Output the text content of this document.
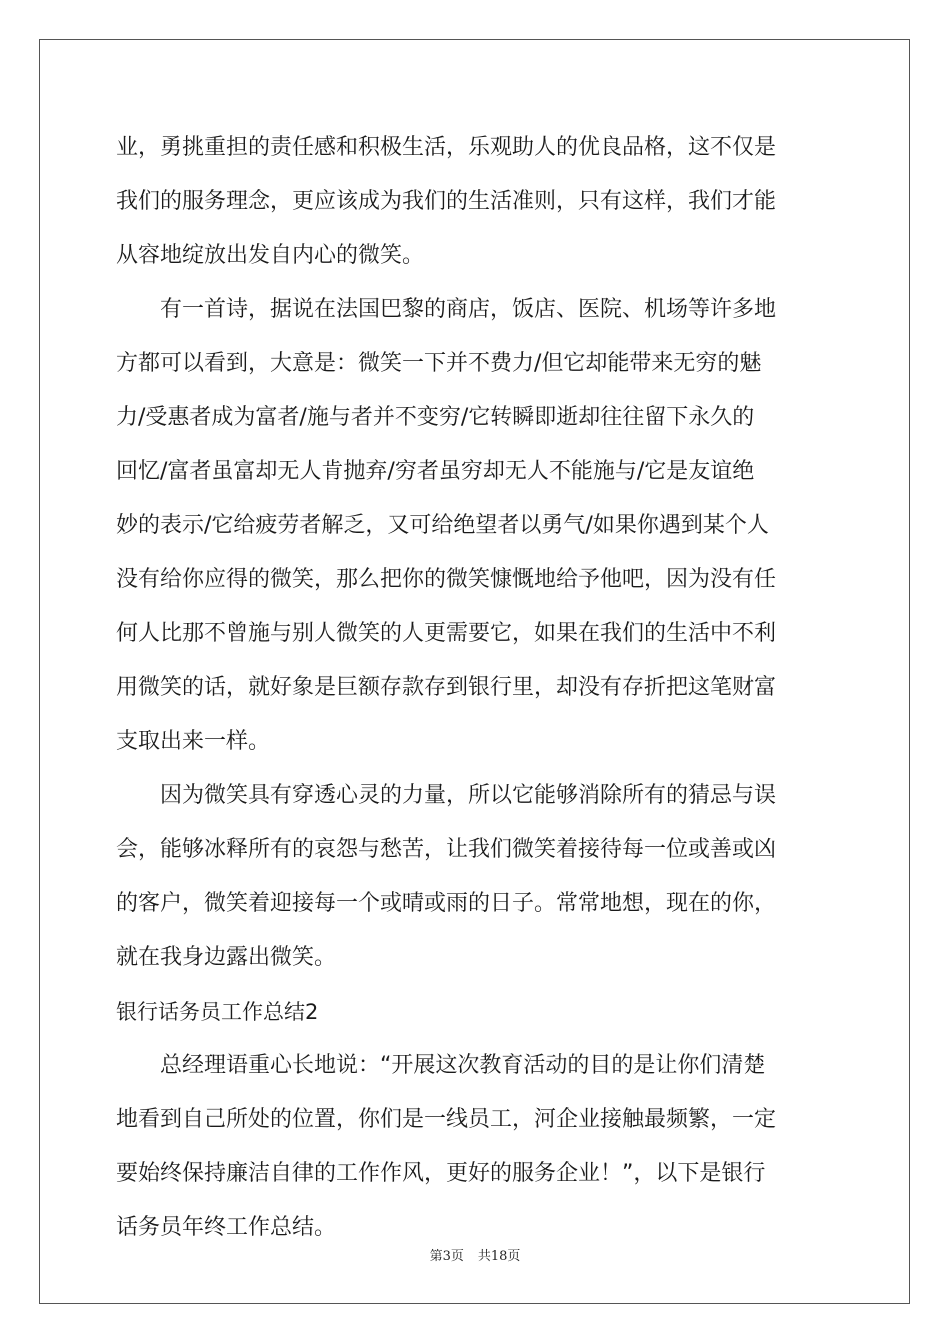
业，勇挑重担的责任感和积极生活，乐观助人的优良品格，这不仅是
我们的服务理念，更应该成为我们的生活准则，只有这样，我们才能
从容地绽放出发自内心的微笑。
　　有一首诗，据说在法国巴黎的商店，饭店、医院、机场等许多地
方都可以看到，大意是：微笑一下并不费力/但它却能带来无穷的魅
力/受惠者成为富者/施与者并不变穷/它转瞬即逝却往往留下永久的
回忆/富者虽富却无人肯抛弃/穷者虽穷却无人不能施与/它是友谊绝
妙的表示/它给疲劳者解乏，又可给绝望者以勇气/如果你遇到某个人
没有给你应得的微笑，那么把你的微笑慷慨地给予他吧，因为没有任
何人比那不曾施与别人微笑的人更需要它，如果在我们的生活中不利
用微笑的话，就好象是巨额存款存到银行里，却没有存折把这笔财富
支取出来一样。
　　因为微笑具有穿透心灵的力量，所以它能够消除所有的猜忌与误
会，能够冰释所有的哀怨与愁苦，让我们微笑着接待每一位或善或凶
的客户，微笑着迎接每一个或晴或雨的日子。常常地想，现在的你，
就在我身边露出微笑。
银行话务员工作总结2
　　总经理语重心长地说：“开展这次教育活动的目的是让你们清楚
地看到自己所处的位置，你们是一线员工，河企业接触最频繁，一定
要始终保持廉洁自律的工作作风，更好的服务企业！”，以下是银行
话务员年终工作总结。
第3页 共18页
